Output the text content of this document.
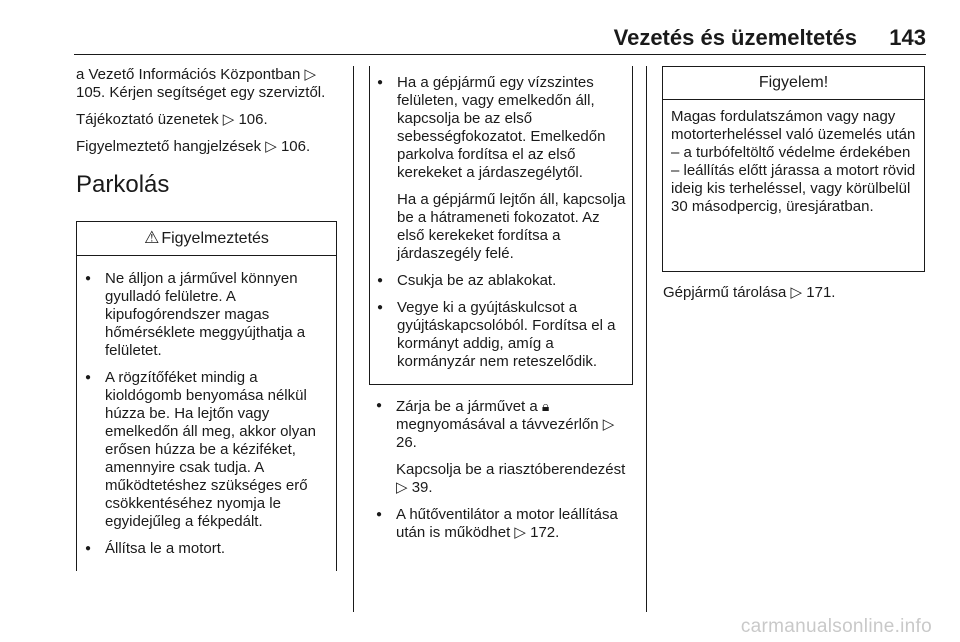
Vezetés és üzemeltetés 143

a Vezető Információs Központban ▷ 105. Kérjen segítséget egy szerviztől.

Tájékoztató üzenetek ▷ 106.

Figyelmeztető hangjelzések ▷ 106.

Parkolás
⚠ Figyelmeztetés
● Ne álljon a járművel könnyen gyulladó felületre. A kipufogórendszer magas hőmérséklete meggyújthatja a felületet.
● A rögzítőféket mindig a kioldógomb benyomása nélkül húzza be. Ha lejtőn vagy emelkedőn áll meg, akkor olyan erősen húzza be a kéziféket, amennyire csak tudja. A működtetéshez szükséges erő csökkentéséhez nyomja le egyidejűleg a fékpedált.
● Állítsa le a motort.
● Ha a gépjármű egy vízszintes felületen, vagy emelkedőn áll, kapcsolja be az első sebességfokozatot. Emelkedőn parkolva fordítsa el az első kerekeket a járdaszegélytől.
Ha a gépjármű lejtőn áll, kapcsolja be a hátrameneti fokozatot. Az első kerekeket fordítsa a járdaszegély felé.
● Csukja be az ablakokat.
● Vegye ki a gyújtáskulcsot a gyújtáskapcsolóból. Fordítsa el a kormányt addig, amíg a kormányzár nem reteszelődik.
● Zárja be a járművet a 🔒︎
megnyomásával a távvezérlőn ▷ 26.
Kapcsolja be a riasztóberendezést ▷ 39.
● A hűtőventilátor a motor leállítása után is működhet ▷ 172.
Figyelem!
Magas fordulatszámon vagy nagy motorterheléssel való üzemelés után – a turbófeltöltő védelme érdekében – leállítás előtt járassa a motort rövid ideig kis terheléssel, vagy körülbelül 30 másodpercig, üresjáratban.
Gépjármű tárolása ▷ 171.
carmanualsonline.info
